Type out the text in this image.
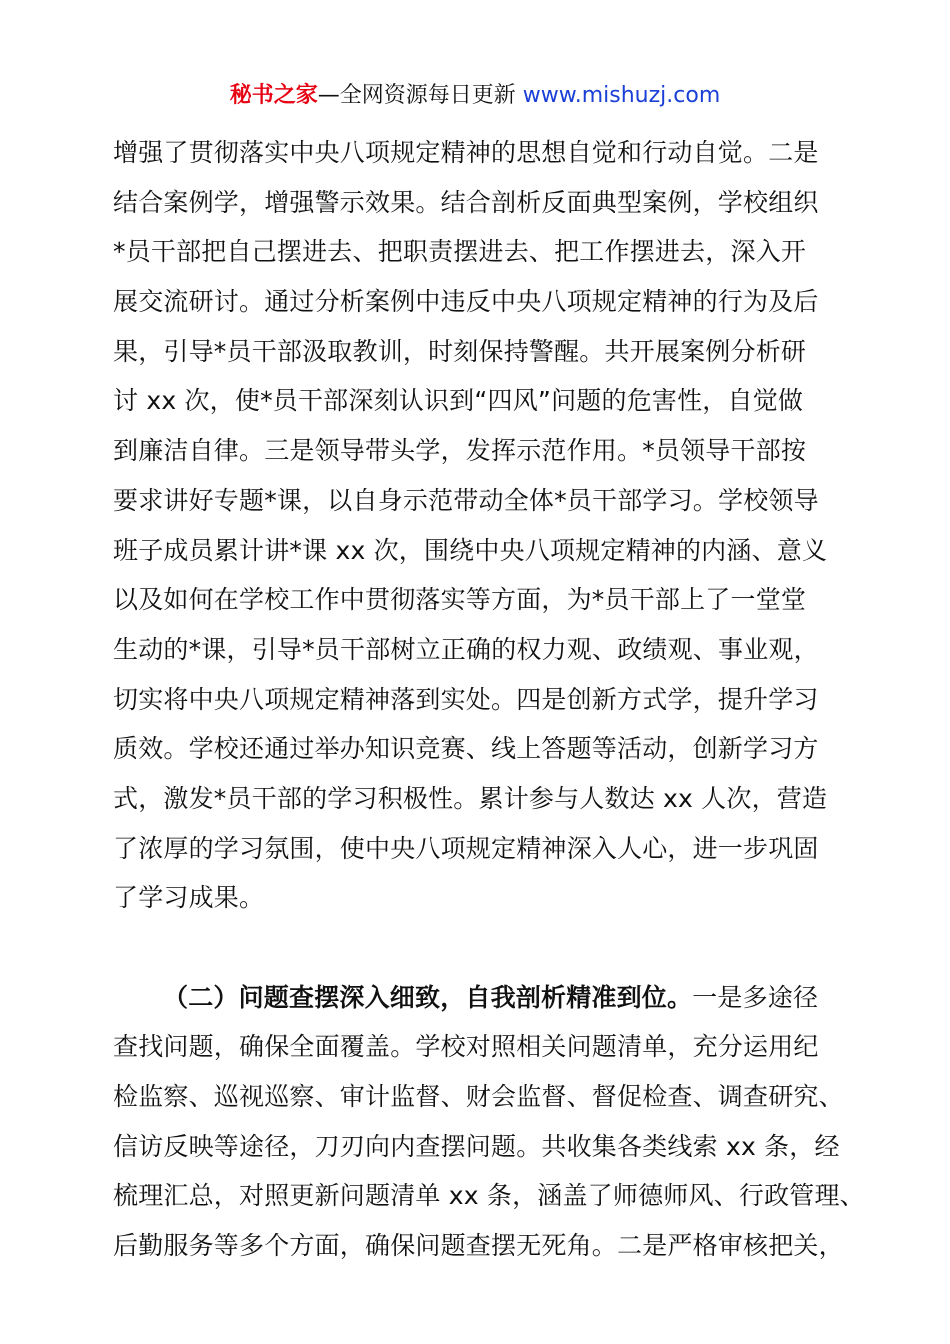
秘书之家—全网资源每日更新 www.mishuzj.com
增强了贯彻落实中央八项规定精神的思想自觉和行动自觉。二是
结合案例学，增强警示效果。结合剖析反面典型案例，学校组织
*员干部把自己摆进去、把职责摆进去、把工作摆进去，深入开
展交流研讨。通过分析案例中违反中央八项规定精神的行为及后
果，引导*员干部汲取教训，时刻保持警醒。共开展案例分析研
讨 xx 次，使*员干部深刻认识到“四风”问题的危害性，自觉做
到廉洁自律。三是领导带头学，发挥示范作用。*员领导干部按
要求讲好专题*课，以自身示范带动全体*员干部学习。学校领导
班子成员累计讲*课 xx 次，围绕中央八项规定精神的内涵、意义
以及如何在学校工作中贯彻落实等方面，为*员干部上了一堂堂
生动的*课，引导*员干部树立正确的权力观、政绩观、事业观，
切实将中央八项规定精神落到实处。四是创新方式学，提升学习
质效。学校还通过举办知识竞赛、线上答题等活动，创新学习方
式，激发*员干部的学习积极性。累计参与人数达 xx 人次，营造
了浓厚的学习氛围，使中央八项规定精神深入人心，进一步巩固
了学习成果。
（二）问题查摆深入细致，自我剖析精准到位。一是多途径
查找问题，确保全面覆盖。学校对照相关问题清单，充分运用纪
检监察、巡视巡察、审计监督、财会监督、督促检查、调查研究、
信访反映等途径，刀刃向内查摆问题。共收集各类线索 xx 条，经
梳理汇总，对照更新问题清单 xx 条，涵盖了师德师风、行政管理、
后勤服务等多个方面，确保问题查摆无死角。二是严格审核把关，
